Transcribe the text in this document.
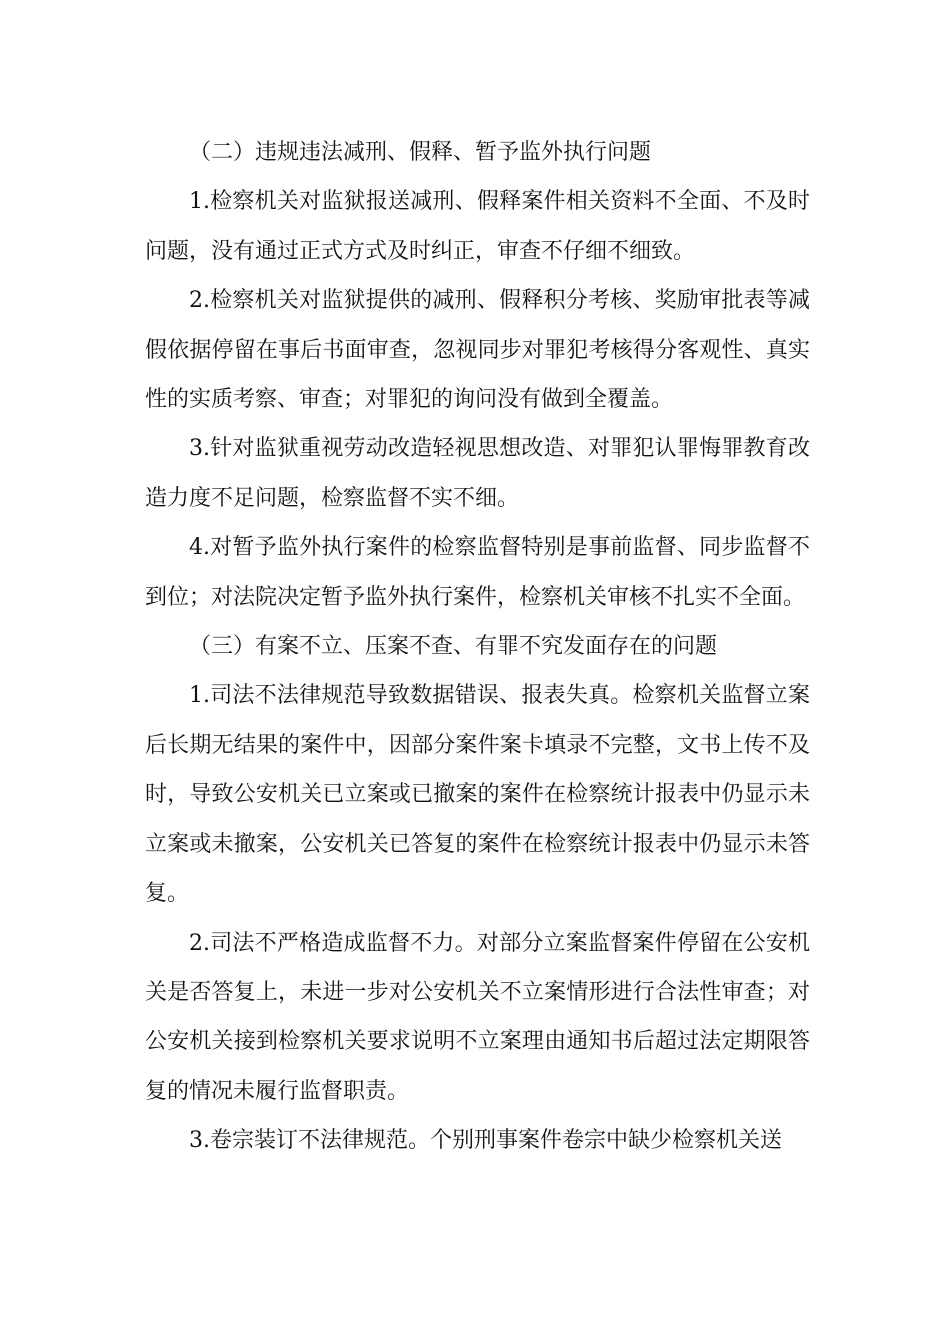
（二）违规违法减刑、假释、暂予监外执行问题

1.检察机关对监狱报送减刑、假释案件相关资料不全面、不及时问题，没有通过正式方式及时纠正，审查不仔细不细致。

2.检察机关对监狱提供的减刑、假释积分考核、奖励审批表等减假依据停留在事后书面审查，忽视同步对罪犯考核得分客观性、真实性的实质考察、审查；对罪犯的询问没有做到全覆盖。

3.针对监狱重视劳动改造轻视思想改造、对罪犯认罪悔罪教育改造力度不足问题，检察监督不实不细。

4.对暂予监外执行案件的检察监督特别是事前监督、同步监督不到位；对法院决定暂予监外执行案件，检察机关审核不扎实不全面。

（三）有案不立、压案不查、有罪不究发面存在的问题

1.司法不法律规范导致数据错误、报表失真。检察机关监督立案后长期无结果的案件中，因部分案件案卡填录不完整，文书上传不及时，导致公安机关已立案或已撤案的案件在检察统计报表中仍显示未立案或未撤案，公安机关已答复的案件在检察统计报表中仍显示未答复。

2.司法不严格造成监督不力。对部分立案监督案件停留在公安机关是否答复上，未进一步对公安机关不立案情形进行合法性审查；对公安机关接到检察机关要求说明不立案理由通知书后超过法定期限答复的情况未履行监督职责。

3.卷宗装订不法律规范。个别刑事案件卷宗中缺少检察机关送
